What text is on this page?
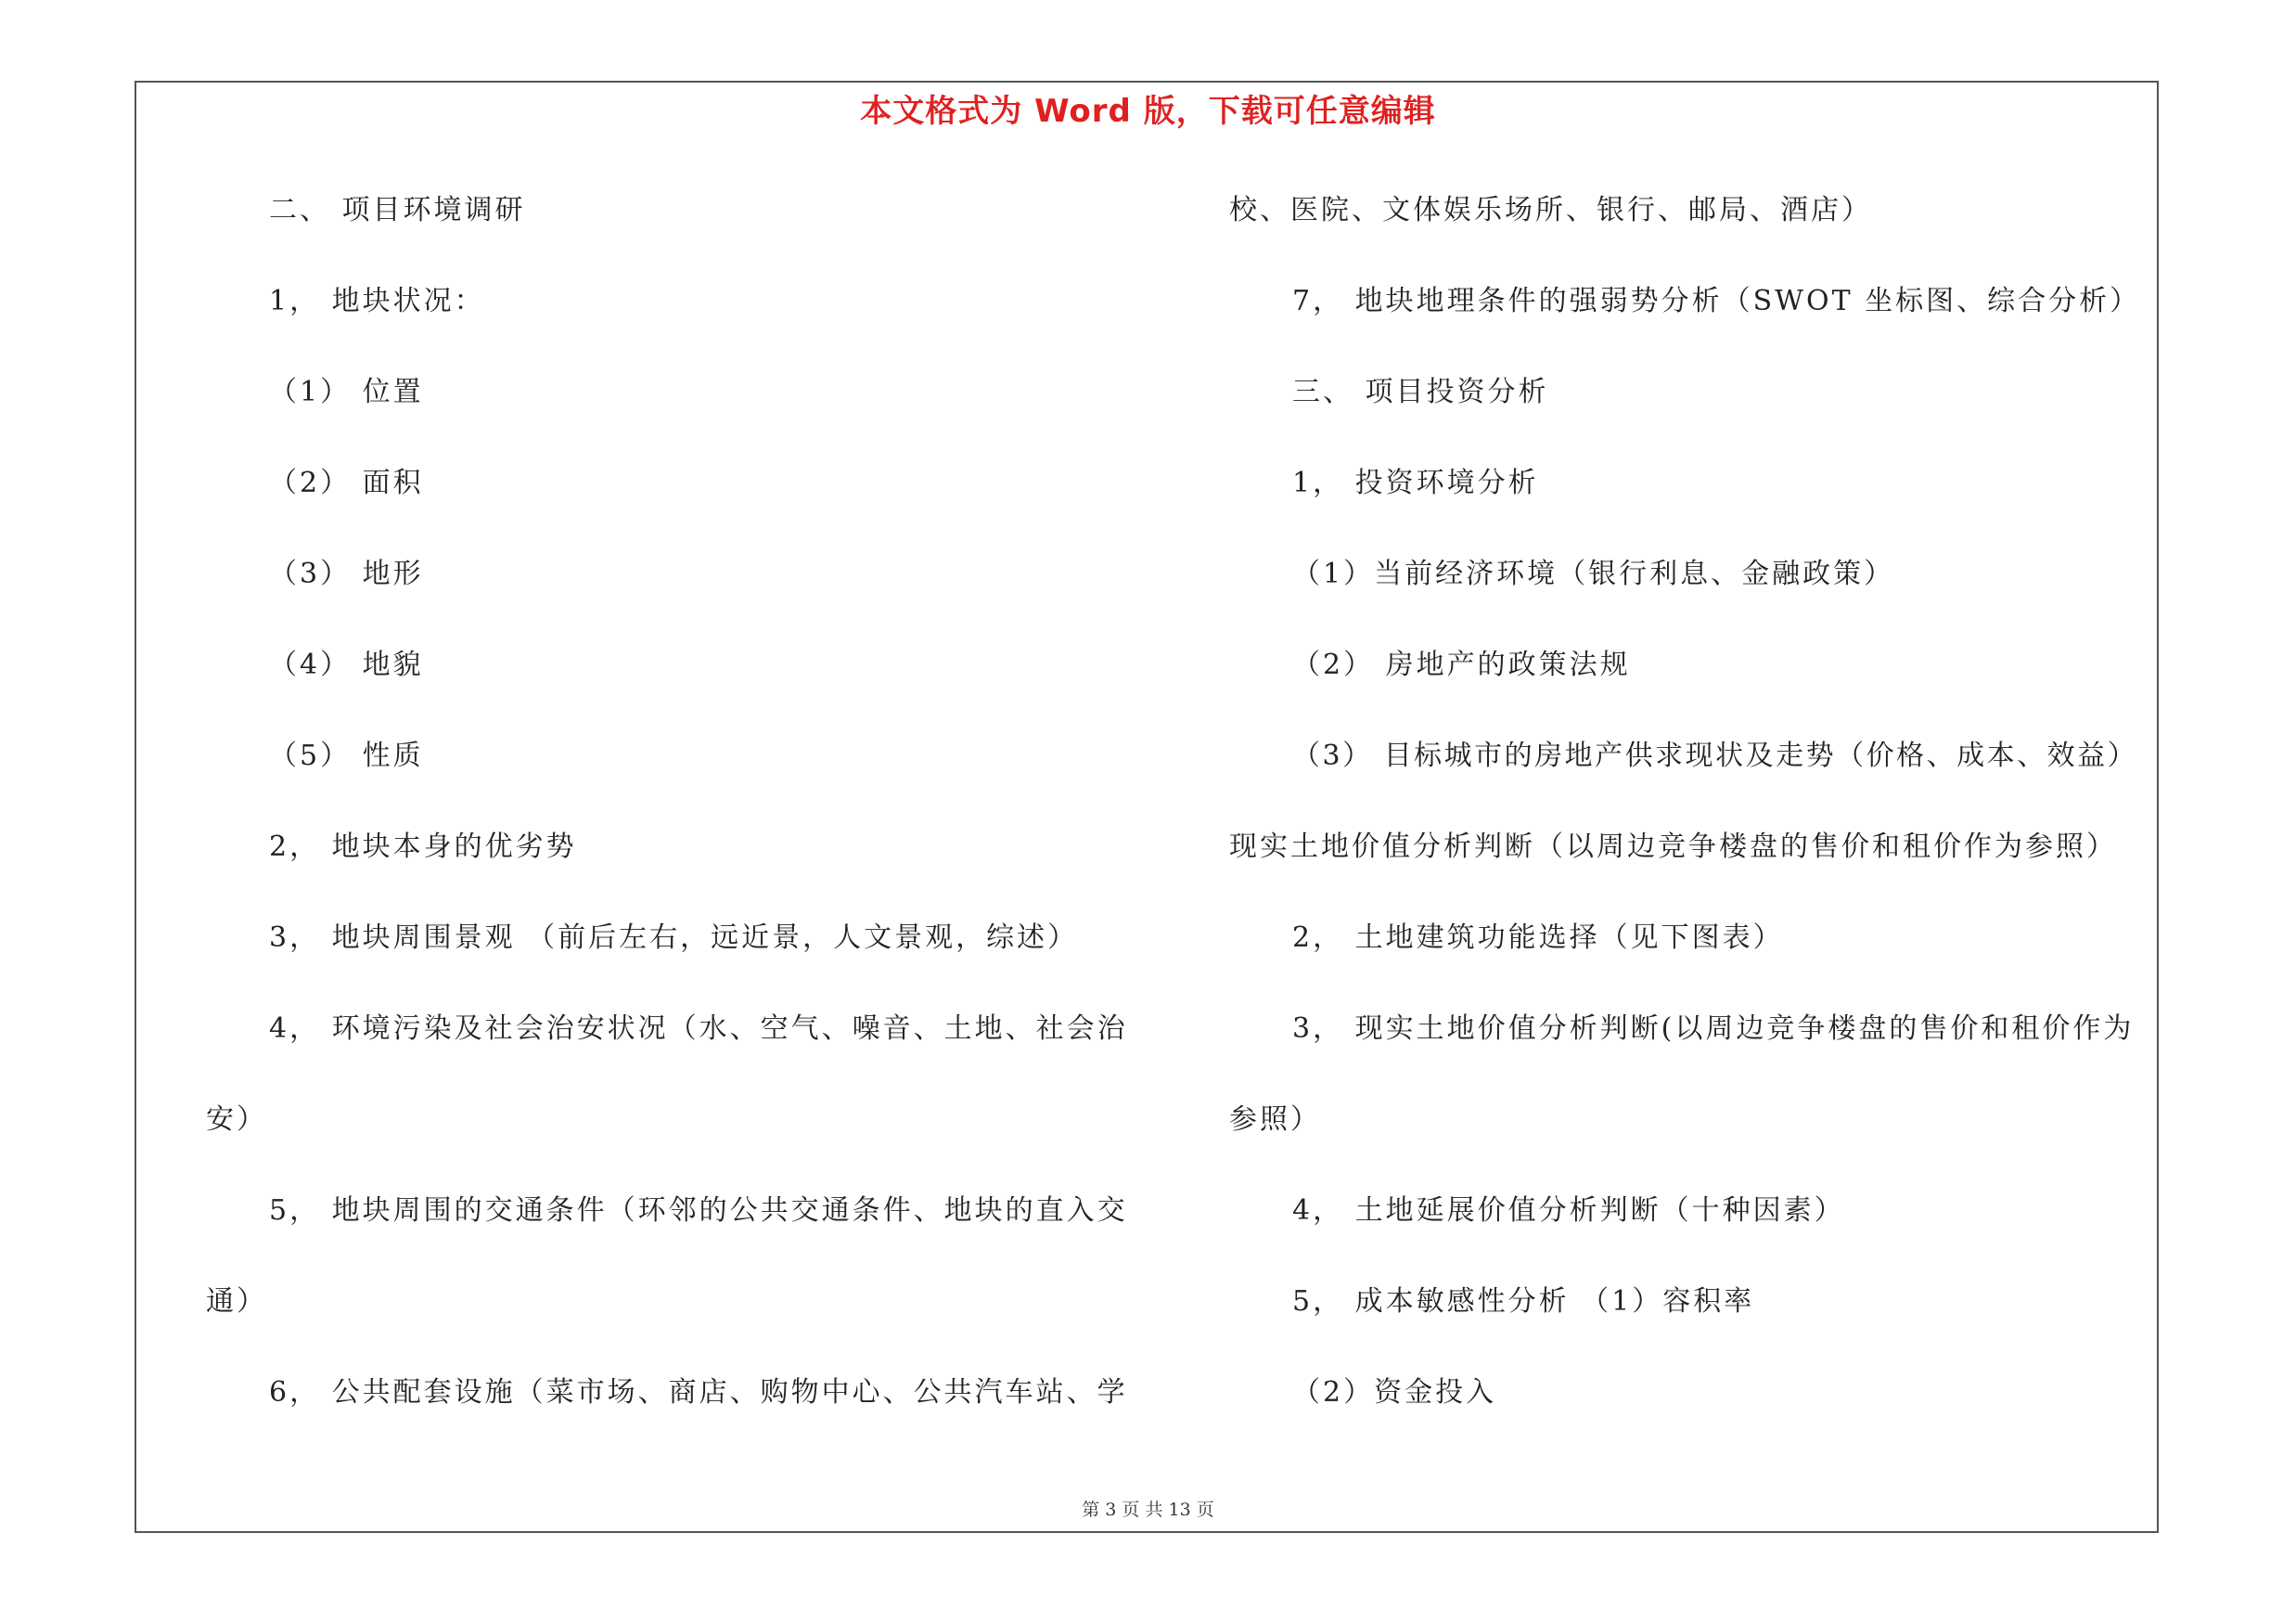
本文格式为 Word 版，下载可任意编辑
二、 项目环境调研
1， 地块状况：
（1） 位置
（2） 面积
（3） 地形
（4） 地貌
（5） 性质
2， 地块本身的优劣势
3， 地块周围景观 （前后左右，远近景，人文景观，综述）
4， 环境污染及社会治安状况（水、空气、噪音、土地、社会治
安）
5， 地块周围的交通条件（环邻的公共交通条件、地块的直入交
通）
6， 公共配套设施（菜市场、商店、购物中心、公共汽车站、学
校、医院、文体娱乐场所、银行、邮局、酒店）
7， 地块地理条件的强弱势分析（SWOT 坐标图、综合分析）
三、 项目投资分析
1， 投资环境分析
（1）当前经济环境（银行利息、金融政策）
（2） 房地产的政策法规
（3） 目标城市的房地产供求现状及走势（价格、成本、效益）
现实土地价值分析判断（以周边竞争楼盘的售价和租价作为参照）
2， 土地建筑功能选择（见下图表）
3， 现实土地价值分析判断(以周边竞争楼盘的售价和租价作为
参照）
4， 土地延展价值分析判断（十种因素）
5， 成本敏感性分析 （1）容积率
（2）资金投入
第 3 页 共 13 页
